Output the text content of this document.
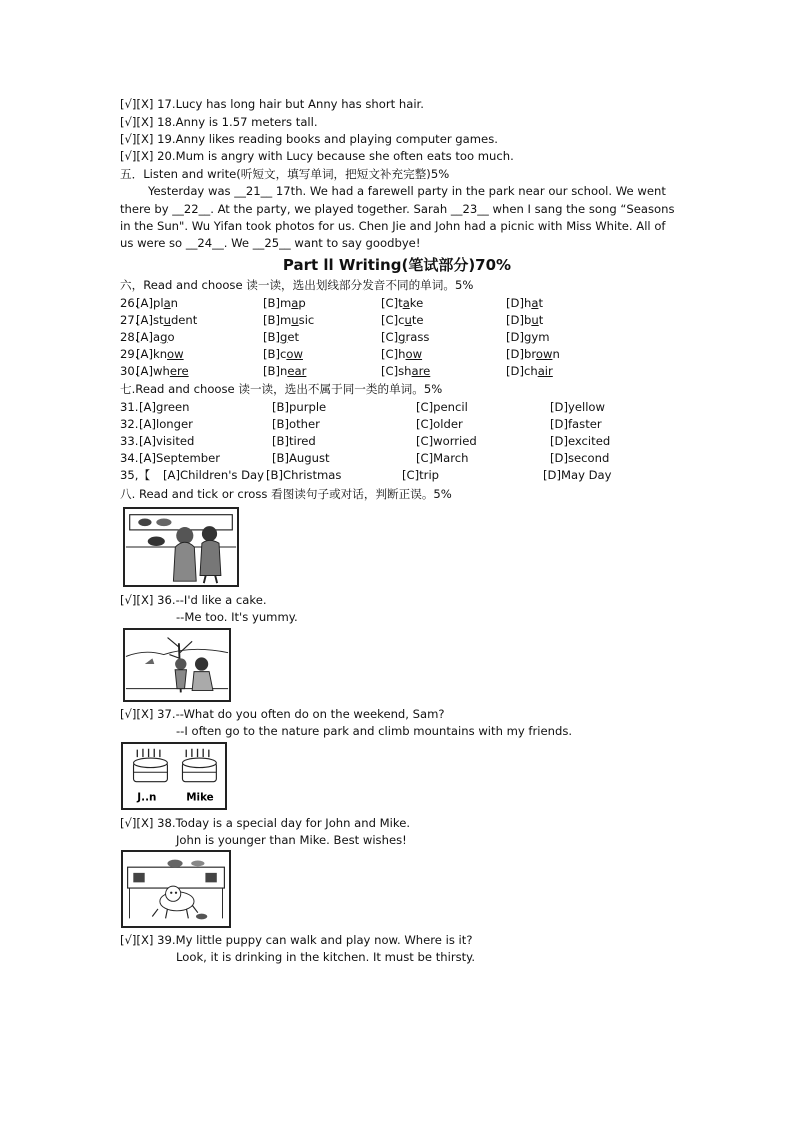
[√][X] 17.Lucy has long hair but Anny has short hair.
[√][X] 18.Anny is 1.57 meters tall.
[√][X] 19.Anny likes reading books and playing computer games.
[√][X] 20.Mum is angry with Lucy because she often eats too much.
五．Listen and write(听短文，填写单词，把短文补充完整)5%
Yesterday was __21__ 17th. We had a farewell party in the park near our school. We went
there by __22__. At the party, we played together. Sarah __23__ when I sang the song “Seasons
in the Sun". Wu Yifan took photos for us. Chen Jie and John had a picnic with Miss White. All of
us were so __24__. We __25__ want to say goodbye!
Part ll Writing(笔试部分)70%
六，Read and choose 读一读，选出划线部分发音不同的单词。5%
26.
[A]plan	[B]map	[C]take	[D]hat
27.
[A]student	[B]music	[C]cute	[D]but
28.
[A]ago	[B]get	[C]grass	[D]gym
29.
[A]know	[B]cow	[C]how	[D]brown
30.
[A]where	[B]near	[C]share	[D]chair
七.Read and choose 读一读，选出不属于同一类的单词。5%
31. [A]green	[B]purple	[C]pencil	[D]yellow
32. [A]longer	[B]other	[C]older	[D]faster
33. [A]visited	[B]tired	[C]worried	[D]excited
34. [A]September	[B]August	[C]March	[D]second
35,【 [A]Children's Day [B]Christmas	[C]trip	[D]May Day
八. Read and tick or cross 看图读句子或对话，判断正误。5%
[√][X] 36.--I'd like a cake.
--Me too. It's yummy.
[√][X] 37.--What do you often do on the weekend, Sam?
--I often go to the nature park and climb mountains with my friends.
J..n	Mike
[√][X] 38.Today is a special day for John and Mike.
John is younger than Mike. Best wishes!
[√][X] 39.My little puppy can walk and play now. Where is it?
Look, it is drinking in the kitchen. It must be thirsty.
